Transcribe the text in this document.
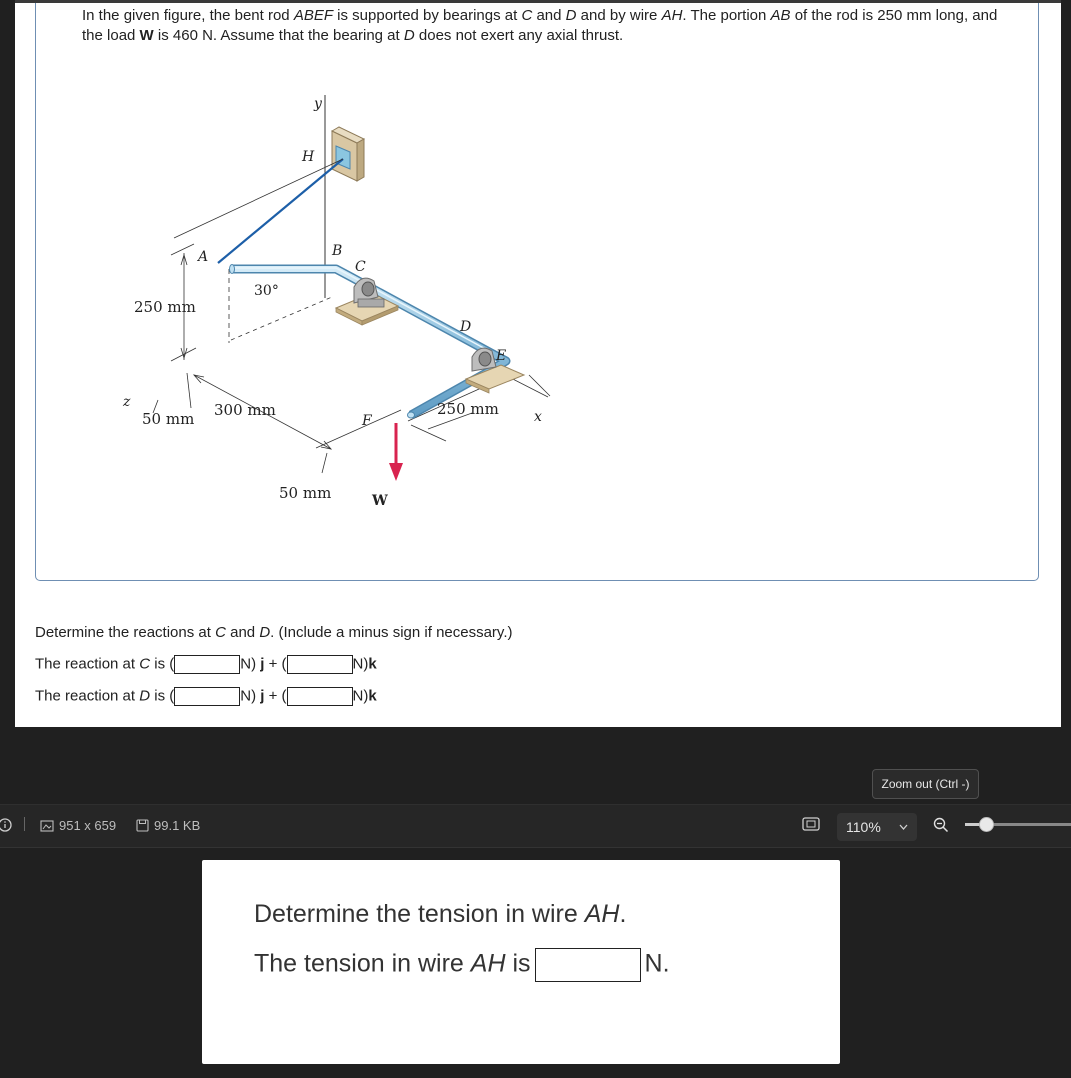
In the given figure, the bent rod ABEF is supported by bearings at C and D and by wire AH. The portion AB of the rod is 250 mm long, and the load W is 460 N. Assume that the bearing at D does not exert any axial thrust.

y
H
A	B
C
D
E
F
z
x
W
30°
250 mm
50 mm 300 mm	250 mm
50 mm

Determine the reactions at C and D. (Include a minus sign if necessary.)

The reaction at C is (	N) j + (	N)k

The reaction at D is (	N) j + (	N)k

Zoom out (Ctrl -)
951 x 659	99.1 KB	110%

Determine the tension in wire AH.

The tension in wire AH is	N.
